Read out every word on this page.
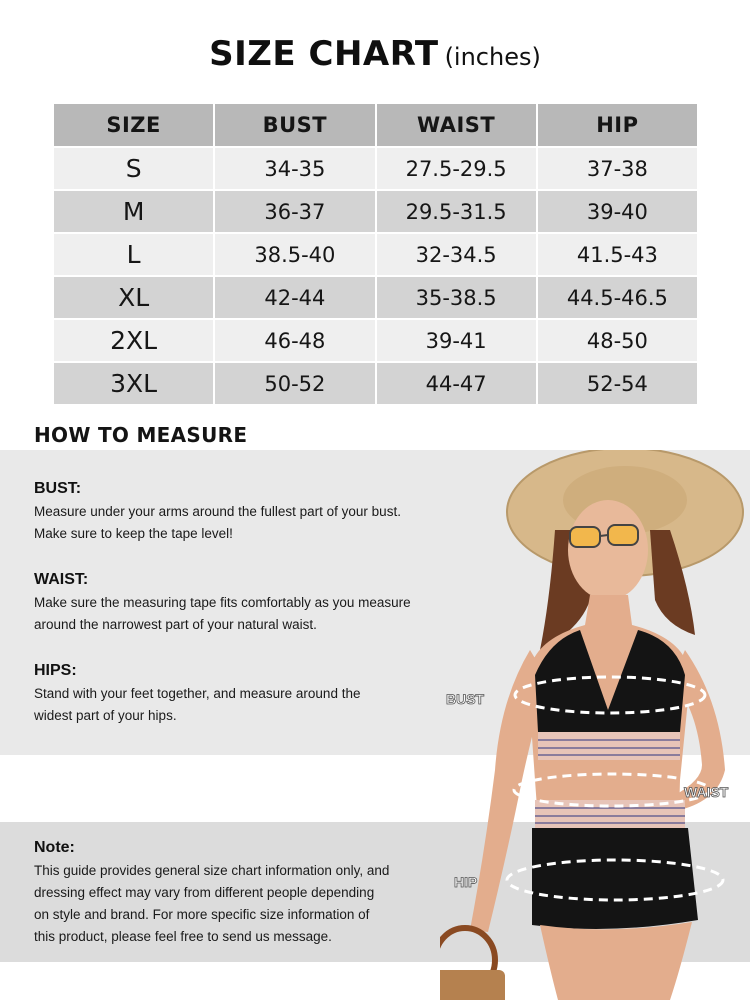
SIZE CHART (inches)
SIZE	BUST	WAIST	HIP
S	34-35	27.5-29.5	37-38
M	36-37	29.5-31.5	39-40
L	38.5-40	32-34.5	41.5-43
XL	42-44	35-38.5	44.5-46.5
2XL	46-48	39-41	48-50
3XL	50-52	44-47	52-54
HOW TO MEASURE
BUST:

Measure under your arms around the fullest part of your bust.

Make sure to keep the tape level!

WAIST:

Make sure the measuring tape fits comfortably as you measure

around the narrowest part of your natural waist.

HIPS:

Stand with your feet together, and measure around the

widest part of your hips.

Note:

This guide provides general size chart information only, and

dressing effect may vary from different people depending

on style and brand. For more specific size information of

this product, please feel free to send us message.

BUST
WAIST
HIP
